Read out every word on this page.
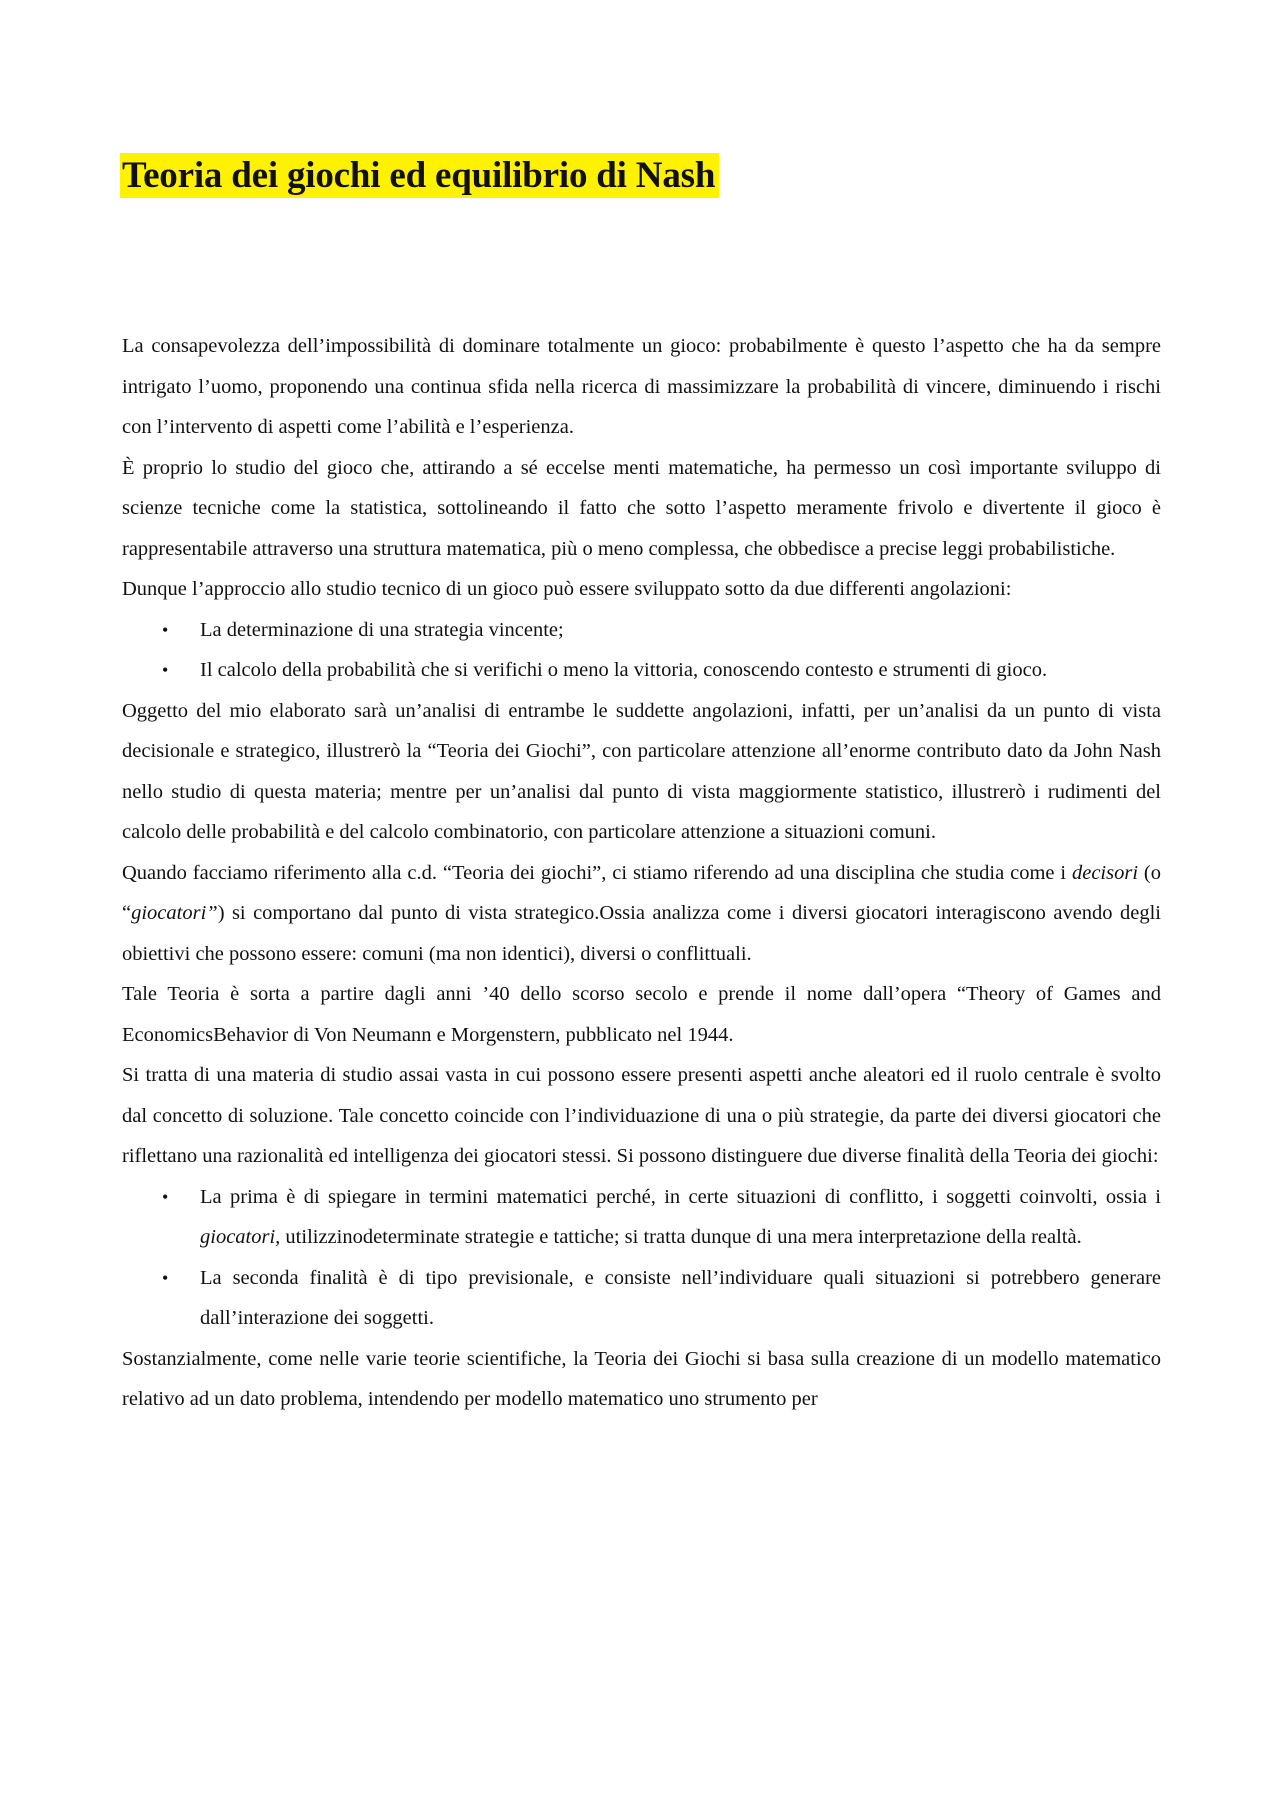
Teoria dei giochi ed equilibrio di Nash

La consapevolezza dell’impossibilità di dominare totalmente un gioco: probabilmente è questo l’aspetto che ha da sempre intrigato l’uomo, proponendo una continua sfida nella ricerca di massimizzare la probabilità di vincere, diminuendo i rischi con l’intervento di aspetti come l’abilità e l’esperienza.

È proprio lo studio del gioco che, attirando a sé eccelse menti matematiche, ha permesso un così importante sviluppo di scienze tecniche come la statistica, sottolineando il fatto che sotto l’aspetto meramente frivolo e divertente il gioco è rappresentabile attraverso una struttura matematica, più o meno complessa, che obbedisce a precise leggi probabilistiche.

Dunque l’approccio allo studio tecnico di un gioco può essere sviluppato sotto da due differenti angolazioni:

• La determinazione di una strategia vincente;
• Il calcolo della probabilità che si verifichi o meno la vittoria, conoscendo contesto e strumenti di gioco.

Oggetto del mio elaborato sarà un’analisi di entrambe le suddette angolazioni, infatti, per un’analisi da un punto di vista decisionale e strategico, illustrerò la “Teoria dei Giochi”, con particolare attenzione all’enorme contributo dato da John Nash nello studio di questa materia; mentre per un’analisi dal punto di vista maggiormente statistico, illustrerò i rudimenti del calcolo delle probabilità e del calcolo combinatorio, con particolare attenzione a situazioni comuni.

Quando facciamo riferimento alla c.d. “Teoria dei giochi”, ci stiamo riferendo ad una disciplina che studia come i decisori (o “giocatori”) si comportano dal punto di vista strategico.Ossia analizza come i diversi giocatori interagiscono avendo degli obiettivi che possono essere: comuni (ma non identici), diversi o conflittuali.

Tale Teoria è sorta a partire dagli anni ’40 dello scorso secolo e prende il nome dall’opera “Theory of Games and EconomicsBehavior di Von Neumann e Morgenstern, pubblicato nel 1944.

Si tratta di una materia di studio assai vasta in cui possono essere presenti aspetti anche aleatori ed il ruolo centrale è svolto dal concetto di soluzione. Tale concetto coincide con l’individuazione di una o più strategie, da parte dei diversi giocatori che riflettano una razionalità ed intelligenza dei giocatori stessi. Si possono distinguere due diverse finalità della Teoria dei giochi:

• La prima è di spiegare in termini matematici perché, in certe situazioni di conflitto, i soggetti coinvolti, ossia i giocatori, utilizzinodeterminate strategie e tattiche; si tratta dunque di una mera interpretazione della realtà.
• La seconda finalità è di tipo previsionale, e consiste nell’individuare quali situazioni si potrebbero generare dall’interazione dei soggetti.

Sostanzialmente, come nelle varie teorie scientifiche, la Teoria dei Giochi si basa sulla creazione di un modello matematico relativo ad un dato problema, intendendo per modello matematico uno strumento per
